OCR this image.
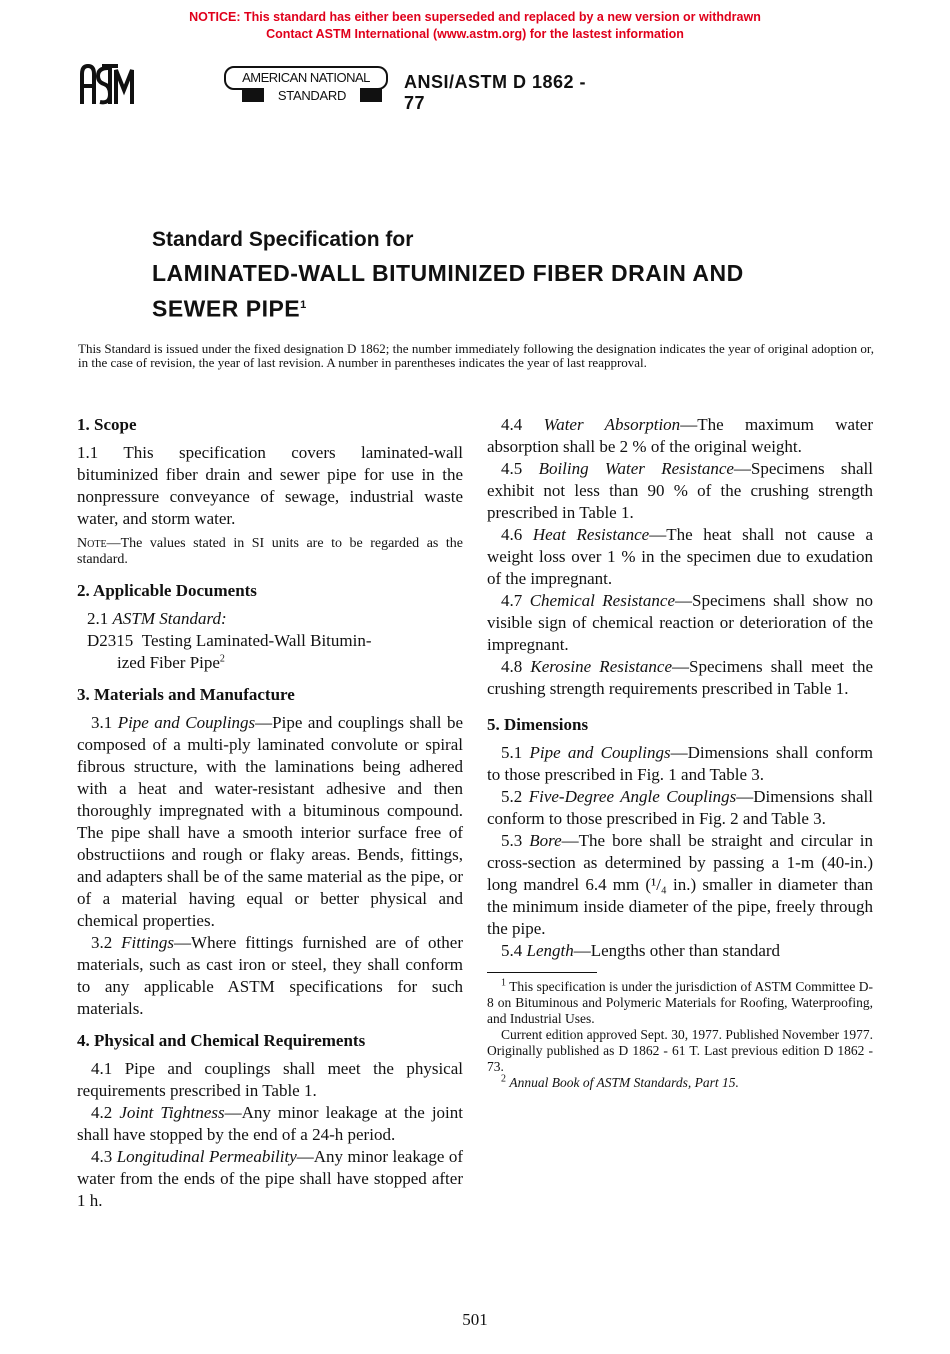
NOTICE: This standard has either been superseded and replaced by a new version or withdrawn
Contact ASTM International (www.astm.org) for the lastest information
AMERICAN NATIONAL
STANDARD
ANSI/ASTM D 1862 - 77
Standard Specification for
LAMINATED-WALL BITUMINIZED FIBER DRAIN AND
SEWER PIPE$^1$
This Standard is issued under the fixed designation D 1862; the number immediately following the designation indicates the year of original adoption or, in the case of revision, the year of last revision. A number in parentheses indicates the year of last reapproval.
1. Scope

1.1 This specification covers laminated-wall bituminized fiber drain and sewer pipe for use in the nonpressure conveyance of sewage, industrial waste water, and storm water.

Note—The values stated in SI units are to be regarded as the standard.

2. Applicable Documents

2.1 ASTM Standard:

D2315 Testing Laminated-Wall Bitumin-

ized Fiber Pipe$^2$

3. Materials and Manufacture

3.1 Pipe and Couplings—Pipe and couplings shall be composed of a multi-ply laminated convolute or spiral fibrous structure, with the laminations being adhered with a heat and water-resistant adhesive and then thoroughly impregnated with a bituminous compound. The pipe shall have a smooth interior surface free of obstructiions and rough or flaky areas. Bends, fittings, and adapters shall be of the same material as the pipe, or of a material having equal or better physical and chemical properties.

3.2 Fittings—Where fittings furnished are of other materials, such as cast iron or steel, they shall conform to any applicable ASTM specifications for such materials.

4. Physical and Chemical Requirements

4.1 Pipe and couplings shall meet the physical requirements prescribed in Table 1.

4.2 Joint Tightness—Any minor leakage at the joint shall have stopped by the end of a 24-h period.

4.3 Longitudinal Permeability—Any minor leakage of water from the ends of the pipe shall have stopped after 1 h.

4.4 Water Absorption—The maximum water absorption shall be 2 % of the original weight.

4.5 Boiling Water Resistance—Specimens shall exhibit not less than 90 % of the crushing strength prescribed in Table 1.

4.6 Heat Resistance—The heat shall not cause a weight loss over 1 % in the specimen due to exudation of the impregnant.

4.7 Chemical Resistance—Specimens shall show no visible sign of chemical reaction or deterioration of the impregnant.

4.8 Kerosine Resistance—Specimens shall meet the crushing strength requirements prescribed in Table 1.

5. Dimensions

5.1 Pipe and Couplings—Dimensions shall conform to those prescribed in Fig. 1 and Table 3.

5.2 Five-Degree Angle Couplings—Dimensions shall conform to those prescribed in Fig. 2 and Table 3.

5.3 Bore—The bore shall be straight and circular in cross-section as determined by passing a 1-m (40-in.) long mandrel 6.4 mm (¹/₄ in.) smaller in diameter than the minimum inside diameter of the pipe, freely through the pipe.

5.4 Length—Lengths other than standard

$^1$ This specification is under the jurisdiction of ASTM Committee D-8 on Bituminous and Polymeric Materials for Roofing, Waterproofing, and Industrial Uses.

Current edition approved Sept. 30, 1977. Published November 1977. Originally published as D 1862 - 61 T. Last previous edition D 1862 - 73.

$^2$ Annual Book of ASTM Standards, Part 15.

501
